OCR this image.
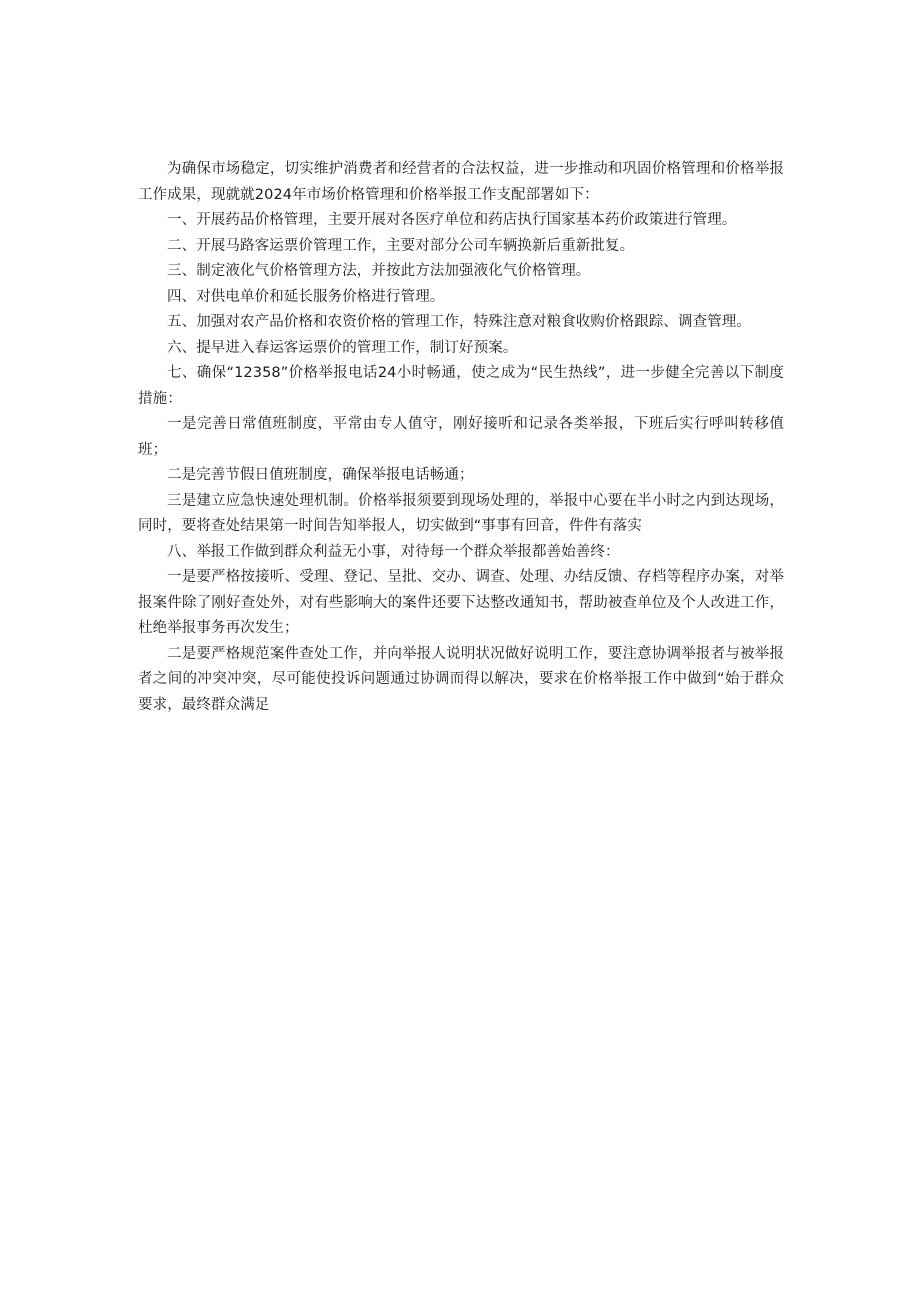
为确保市场稳定，切实维护消费者和经营者的合法权益，进一步推动和巩固价格管理和价格举报工作成果，现就就2024年市场价格管理和价格举报工作支配部署如下：

一、开展药品价格管理，主要开展对各医疗单位和药店执行国家基本药价政策进行管理。

二、开展马路客运票价管理工作，主要对部分公司车辆换新后重新批复。

三、制定液化气价格管理方法，并按此方法加强液化气价格管理。

四、对供电单价和延长服务价格进行管理。

五、加强对农产品价格和农资价格的管理工作，特殊注意对粮食收购价格跟踪、调查管理。

六、提早进入春运客运票价的管理工作，制订好预案。

七、确保“12358”价格举报电话24小时畅通，使之成为“民生热线”，进一步健全完善以下制度措施：

一是完善日常值班制度，平常由专人值守，刚好接听和记录各类举报，下班后实行呼叫转移值班；

二是完善节假日值班制度，确保举报电话畅通；

三是建立应急快速处理机制。价格举报须要到现场处理的，举报中心要在半小时之内到达现场，同时，要将查处结果第一时间告知举报人，切实做到“事事有回音，件件有落实

八、举报工作做到群众利益无小事，对待每一个群众举报都善始善终：

一是要严格按接听、受理、登记、呈批、交办、调查、处理、办结反馈、存档等程序办案，对举报案件除了刚好查处外，对有些影响大的案件还要下达整改通知书，帮助被查单位及个人改进工作，杜绝举报事务再次发生；

二是要严格规范案件查处工作，并向举报人说明状况做好说明工作，要注意协调举报者与被举报者之间的冲突冲突，尽可能使投诉问题通过协调而得以解决，要求在价格举报工作中做到“始于群众要求，最终群众满足
